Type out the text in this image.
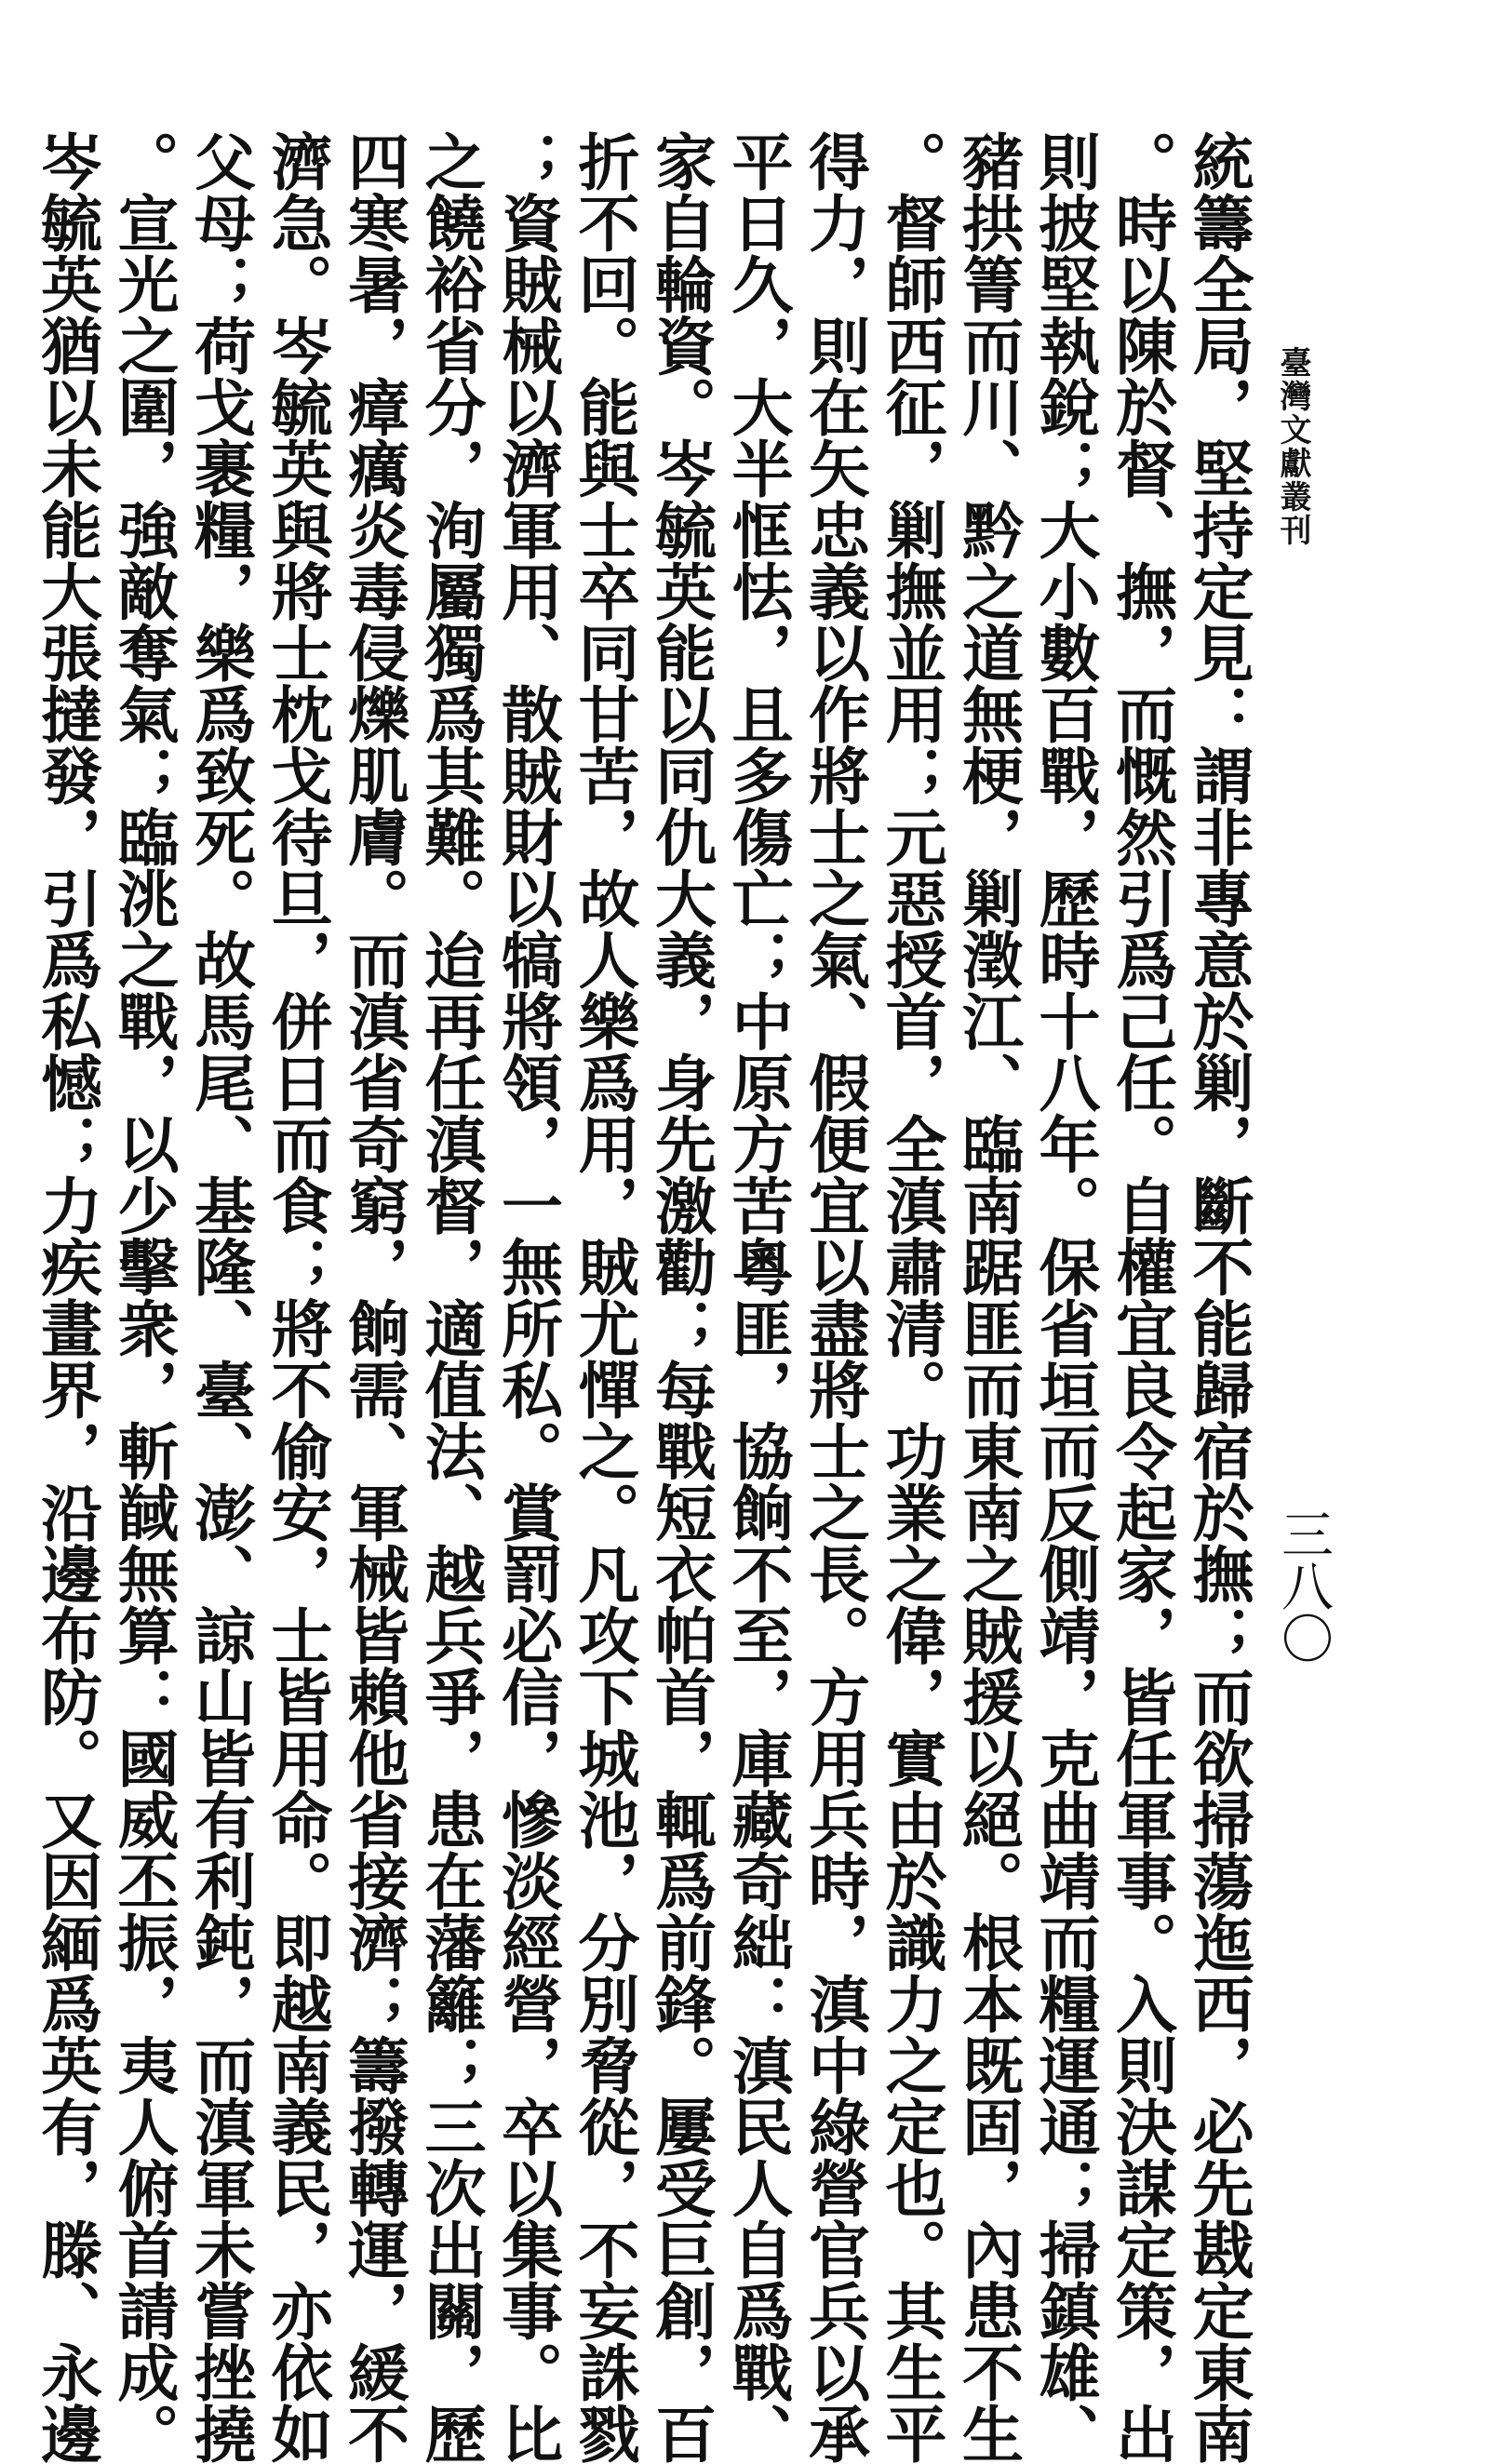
臺灣文獻叢刊
三八〇
統籌全局，堅持定見：謂非專意於剿，斷不能歸宿於撫；而欲掃蕩迤西，必先戡定東南
。時以陳於督、撫，而慨然引爲己任。自權宜良令起家，皆任軍事。入則決謀定策，出
則披堅執銳；大小數百戰，歷時十八年。保省垣而反側靖，克曲靖而糧運通；掃鎮雄、
豬拱箐而川、黔之道無梗，剿澂江、臨南踞匪而東南之賊援以絕。根本既固，內患不生
。督師西征，剿撫並用；元惡授首，全滇肅清。功業之偉，實由於識力之定也。其生平
得力，則在矢忠義以作將士之氣、假便宜以盡將士之長。方用兵時，滇中綠營官兵以承
平日久，大半恇怯，且多傷亡；中原方苦粵匪，協餉不至，庫藏奇絀：滇民人自爲戰、
家自輪資。岑毓英能以同仇大義，身先激勸；每戰短衣帕首，輒爲前鋒。屢受巨創，百
折不回。能與士卒同甘苦，故人樂爲用，賊尤憚之。凡攻下城池，分別脅從，不妄誅戮
；資賊械以濟軍用、散賊財以犒將領，一無所私。賞罰必信，慘淡經營，卒以集事。比
之饒裕省分，洵屬獨爲其難。迨再任滇督，適值法、越兵爭，患在藩籬；三次出關，歷
四寒暑，瘴癘炎毒侵爍肌膚。而滇省奇窮，餉需、軍械皆賴他省接濟；籌撥轉運，緩不
濟急。岑毓英與將士枕戈待旦，併日而食；將不偷安，士皆用命。即越南義民，亦依如
父母；荷戈裹糧，樂爲致死。故馬尾、基隆、臺、澎、諒山皆有利鈍，而滇軍未嘗挫撓
。宣光之圍，強敵奪氣；臨洮之戰，以少擊衆，斬馘無算：國威丕振，夷人俯首請成。
岑毓英猶以未能大張撻發，引爲私憾；力疾畫界，沿邊布防。又因緬爲英有，滕、永邊
